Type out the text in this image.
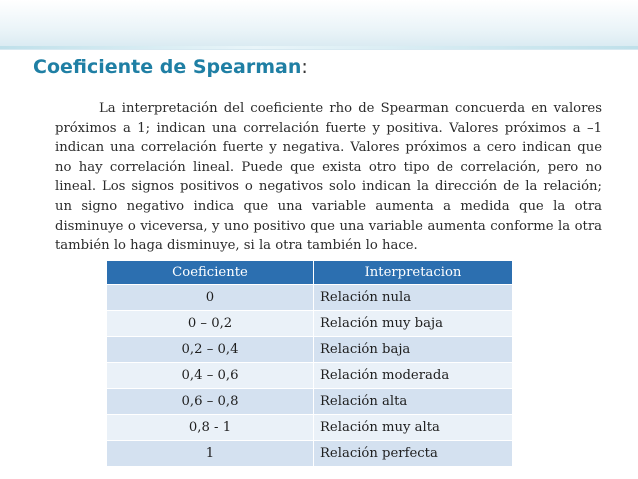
Coeficiente de Spearman:
La interpretación del coeficiente rho de Spearman concuerda en valores próximos a 1; indican una correlación fuerte y positiva. Valores próximos a –1 indican una correlación fuerte y negativa. Valores próximos a cero indican que no hay correlación lineal. Puede que exista otro tipo de correlación, pero no lineal. Los signos positivos o negativos solo indican la dirección de la relación; un signo negativo indica que una variable aumenta a medida que la otra disminuye o viceversa, y uno positivo que una variable aumenta conforme la otra también lo haga disminuye, si la otra también lo hace.
Coeficiente	Interpretacion
0	Relación nula
0 – 0,2	Relación muy baja
0,2 – 0,4	Relación baja
0,4 – 0,6	Relación moderada
0,6 – 0,8	Relación alta
0,8 - 1	Relación muy alta
1	Relación perfecta
